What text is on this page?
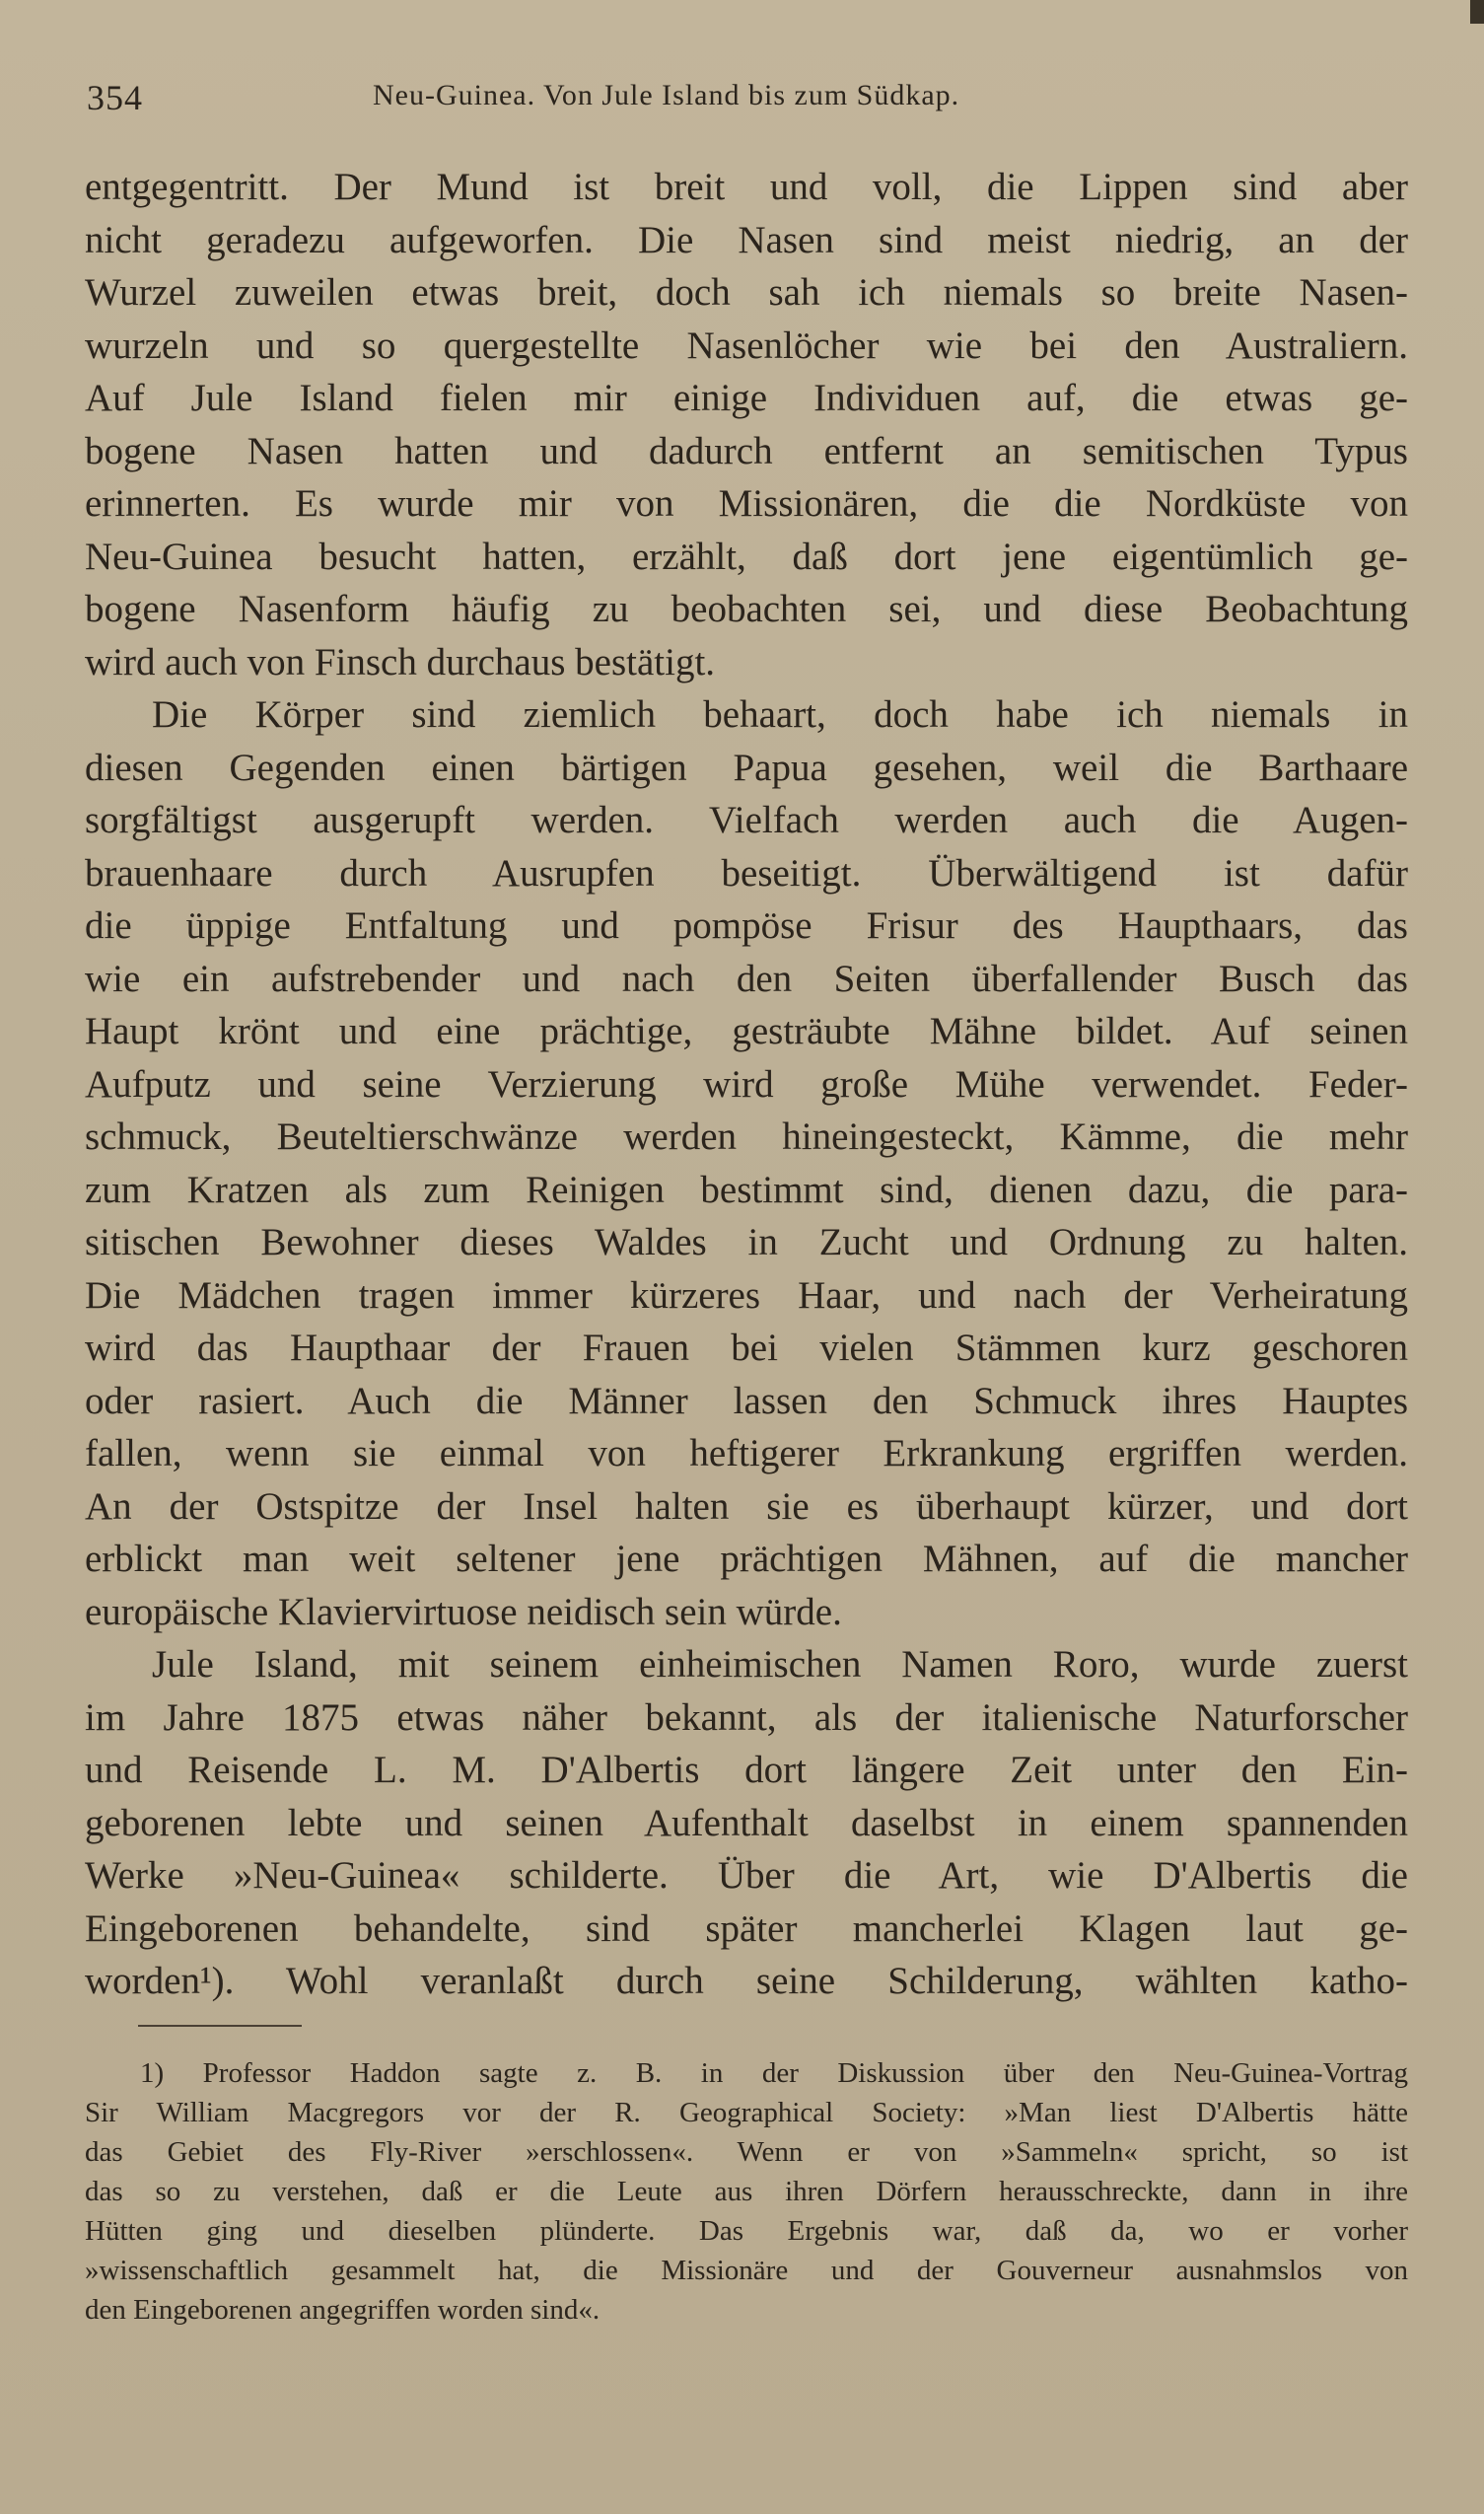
354	Neu-Guinea. Von Jule Island bis zum Südkap.
entgegentritt. Der Mund ist breit und voll, die Lippen sind aber
nicht geradezu aufgeworfen. Die Nasen sind meist niedrig, an der
Wurzel zuweilen etwas breit, doch sah ich niemals so breite Nasen-
wurzeln und so quergestellte Nasenlöcher wie bei den Australiern.
Auf Jule Island fielen mir einige Individuen auf, die etwas ge-
bogene Nasen hatten und dadurch entfernt an semitischen Typus
erinnerten. Es wurde mir von Missionären, die die Nordküste von
Neu-Guinea besucht hatten, erzählt, daß dort jene eigentümlich ge-
bogene Nasenform häufig zu beobachten sei, und diese Beobachtung
wird auch von Finsch durchaus bestätigt.
Die Körper sind ziemlich behaart, doch habe ich niemals in
diesen Gegenden einen bärtigen Papua gesehen, weil die Barthaare
sorgfältigst ausgerupft werden. Vielfach werden auch die Augen-
brauenhaare durch Ausrupfen beseitigt. Überwältigend ist dafür
die üppige Entfaltung und pompöse Frisur des Haupthaars, das
wie ein aufstrebender und nach den Seiten überfallender Busch das
Haupt krönt und eine prächtige, gesträubte Mähne bildet. Auf seinen
Aufputz und seine Verzierung wird große Mühe verwendet. Feder-
schmuck, Beuteltierschwänze werden hineingesteckt, Kämme, die mehr
zum Kratzen als zum Reinigen bestimmt sind, dienen dazu, die para-
sitischen Bewohner dieses Waldes in Zucht und Ordnung zu halten.
Die Mädchen tragen immer kürzeres Haar, und nach der Verheiratung
wird das Haupthaar der Frauen bei vielen Stämmen kurz geschoren
oder rasiert. Auch die Männer lassen den Schmuck ihres Hauptes
fallen, wenn sie einmal von heftigerer Erkrankung ergriffen werden.
An der Ostspitze der Insel halten sie es überhaupt kürzer, und dort
erblickt man weit seltener jene prächtigen Mähnen, auf die mancher
europäische Klaviervirtuose neidisch sein würde.
Jule Island, mit seinem einheimischen Namen Roro, wurde zuerst
im Jahre 1875 etwas näher bekannt, als der italienische Naturforscher
und Reisende L. M. D'Albertis dort längere Zeit unter den Ein-
geborenen lebte und seinen Aufenthalt daselbst in einem spannenden
Werke »Neu-Guinea« schilderte. Über die Art, wie D'Albertis die
Eingeborenen behandelte, sind später mancherlei Klagen laut ge-
worden¹). Wohl veranlaßt durch seine Schilderung, wählten katho-
1) Professor Haddon sagte z. B. in der Diskussion über den Neu-Guinea-Vortrag
Sir William Macgregors vor der R. Geographical Society: »Man liest D'Albertis hätte
das Gebiet des Fly-River »erschlossen«. Wenn er von »Sammeln« spricht, so ist
das so zu verstehen, daß er die Leute aus ihren Dörfern herausschreckte, dann in ihre
Hütten ging und dieselben plünderte. Das Ergebnis war, daß da, wo er vorher
»wissenschaftlich gesammelt hat, die Missionäre und der Gouverneur ausnahmslos von
den Eingeborenen angegriffen worden sind«.
